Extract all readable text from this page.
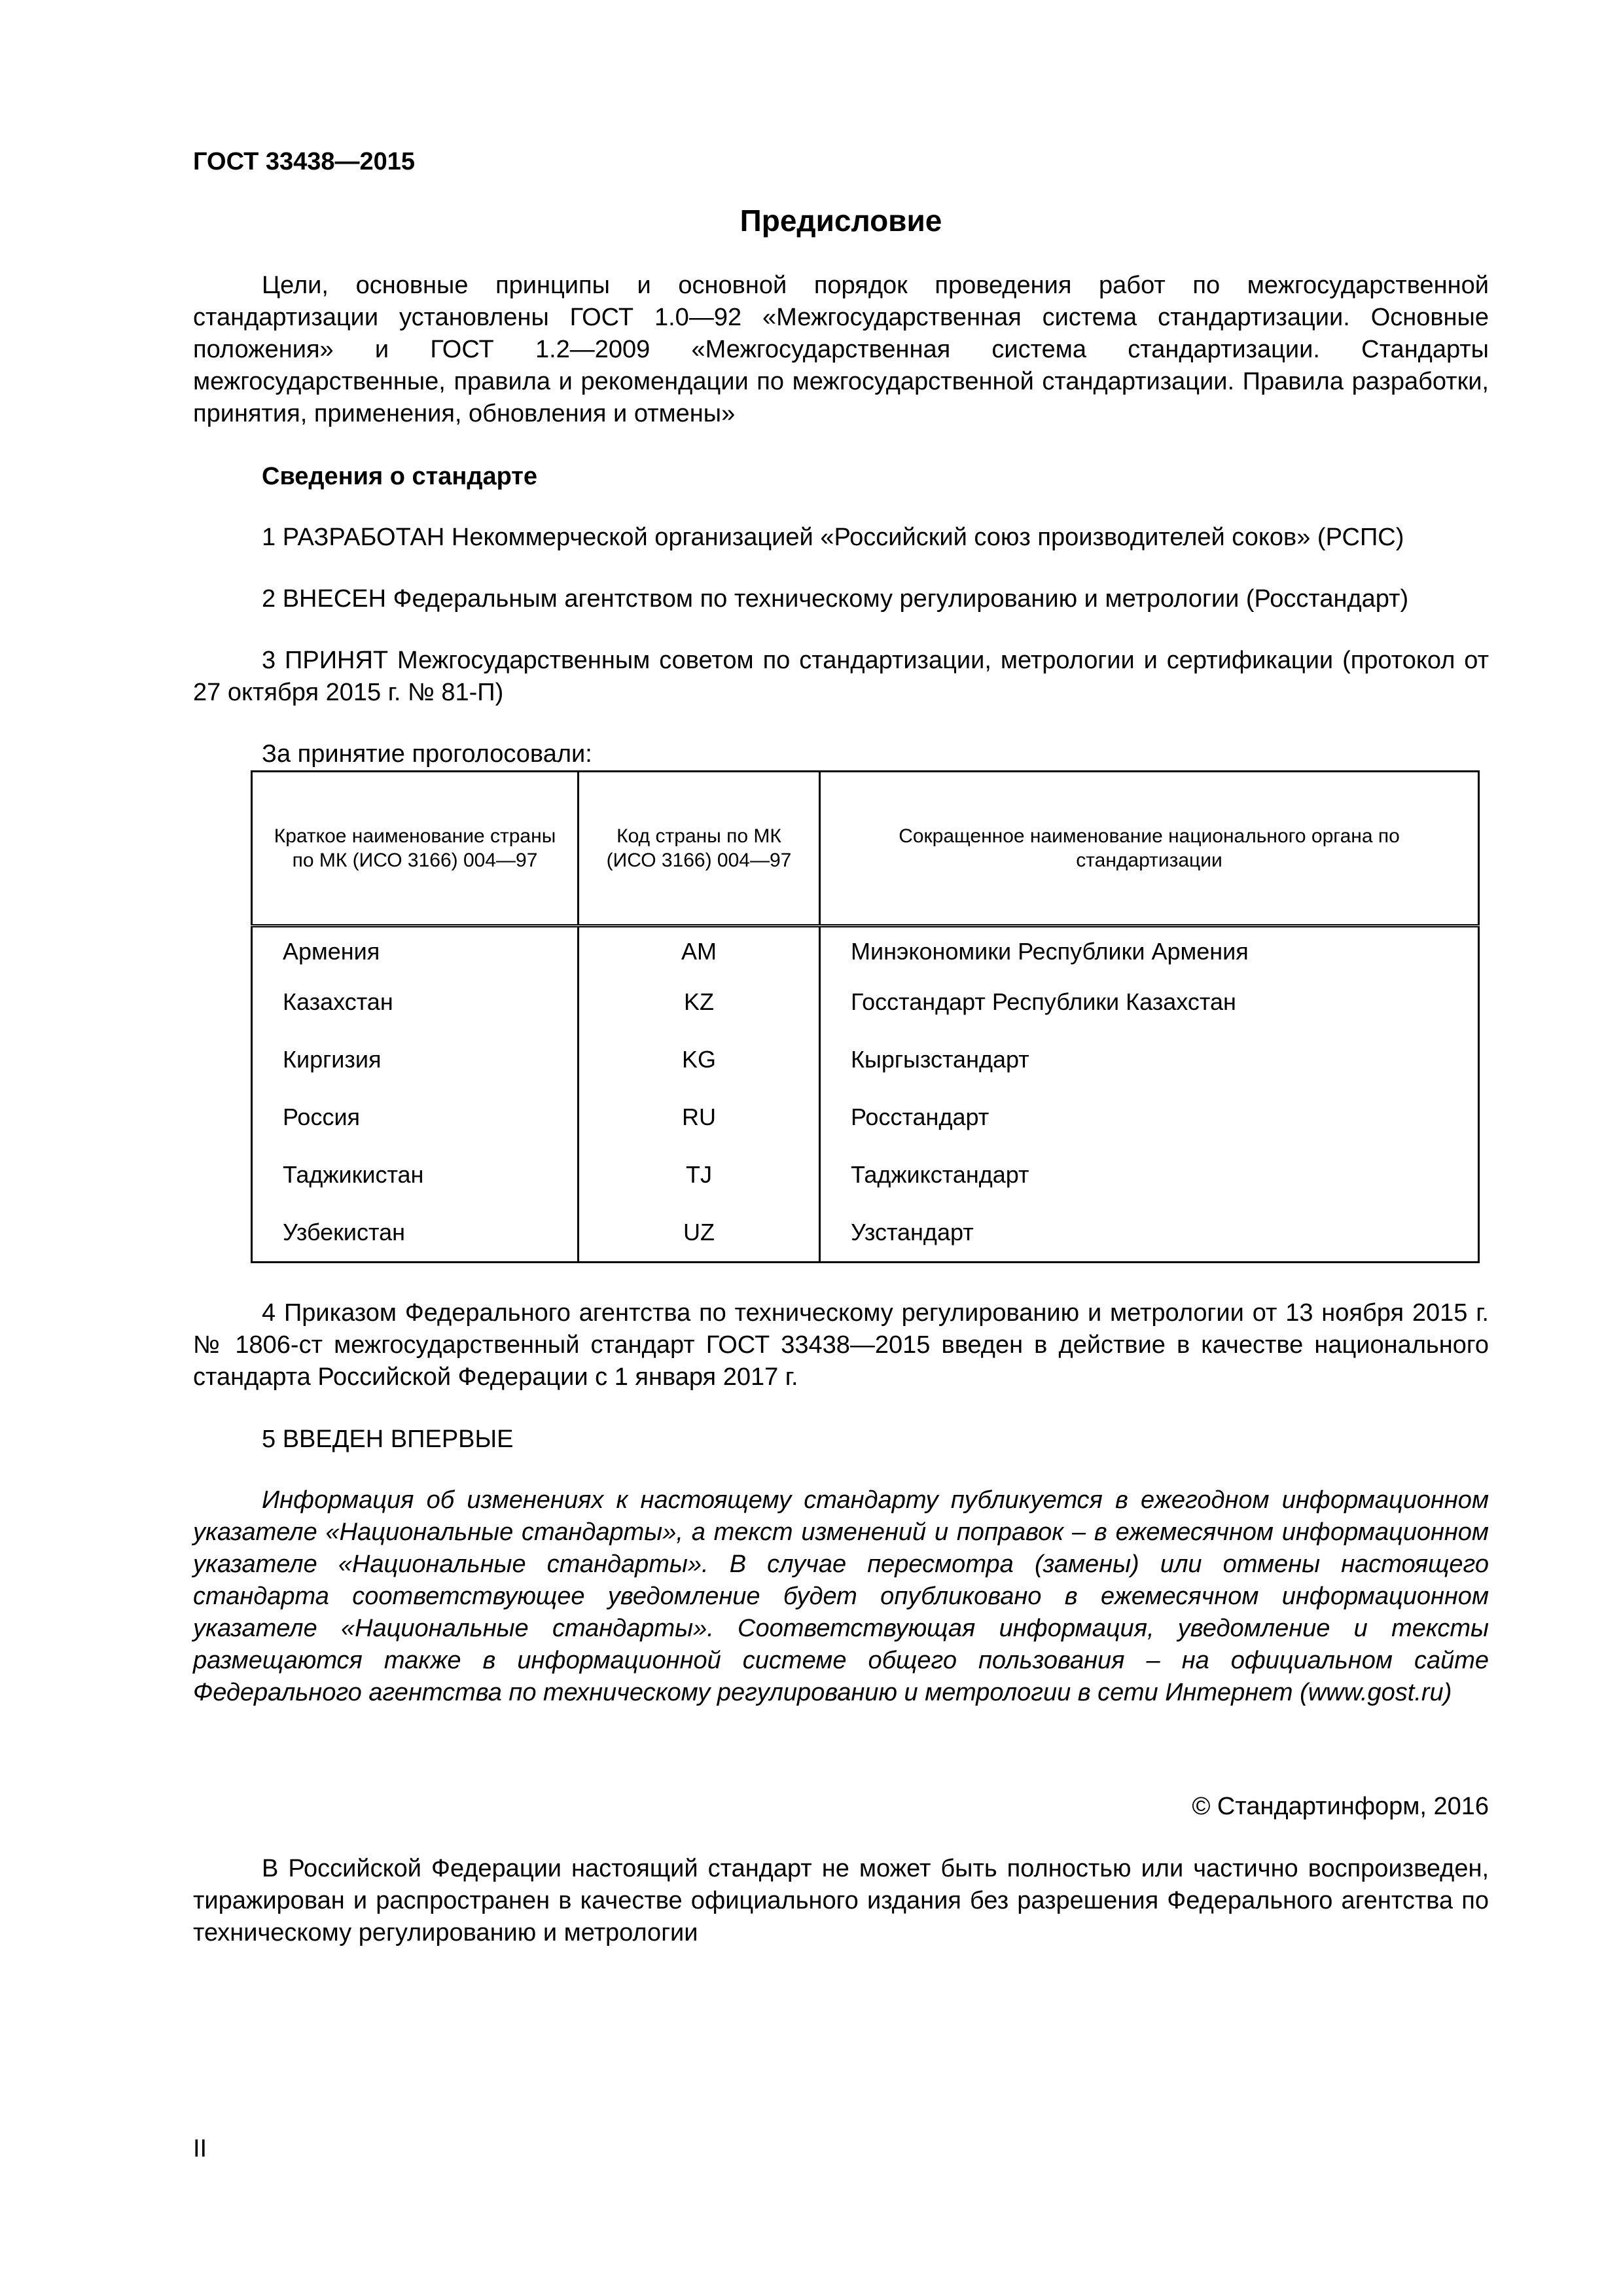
ГОСТ 33438—2015

Предисловие

Цели, основные принципы и основной порядок проведения работ по межгосударственной стандартизации установлены ГОСТ 1.0—92 «Межгосударственная система стандартизации. Основные положения» и ГОСТ 1.2—2009 «Межгосударственная система стандартизации. Стандарты межгосударственные, правила и рекомендации по межгосударственной стандартизации. Правила разработки, принятия, применения, обновления и отмены»

Сведения о стандарте

1 РАЗРАБОТАН Некоммерческой организацией «Российский союз производителей соков» (РСПС)

2 ВНЕСЕН Федеральным агентством по техническому регулированию и метрологии (Росстандарт)

3 ПРИНЯТ Межгосударственным советом по стандартизации, метрологии и сертификации (протокол от 27 октября 2015 г. № 81-П)

За принятие проголосовали:

Краткое наименование страны по МК (ИСО 3166) 004—97	Код страны по МК (ИСО 3166) 004—97	Сокращенное наименование национального органа по стандартизации
Армения	AM	Минэкономики Республики Армения
Казахстан	KZ	Госстандарт Республики Казахстан
Киргизия	KG	Кыргызстандарт
Россия	RU	Росстандарт
Таджикистан	TJ	Таджикстандарт
Узбекистан	UZ	Узстандарт

4 Приказом Федерального агентства по техническому регулированию и метрологии от 13 ноября 2015 г. № 1806-ст межгосударственный стандарт ГОСТ 33438—2015 введен в действие в качестве национального стандарта Российской Федерации с 1 января 2017 г.

5 ВВЕДЕН ВПЕРВЫЕ

Информация об изменениях к настоящему стандарту публикуется в ежегодном информационном указателе «Национальные стандарты», а текст изменений и поправок – в ежемесячном информационном указателе «Национальные стандарты». В случае пересмотра (замены) или отмены настоящего стандарта соответствующее уведомление будет опубликовано в ежемесячном информационном указателе «Национальные стандарты». Соответствующая информация, уведомление и тексты размещаются также в информационной системе общего пользования – на официальном сайте Федерального агентства по техническому регулированию и метрологии в сети Интернет (www.gost.ru)

© Стандартинформ, 2016

В Российской Федерации настоящий стандарт не может быть полностью или частично воспроизведен, тиражирован и распространен в качестве официального издания без разрешения Федерального агентства по техническому регулированию и метрологии

II
